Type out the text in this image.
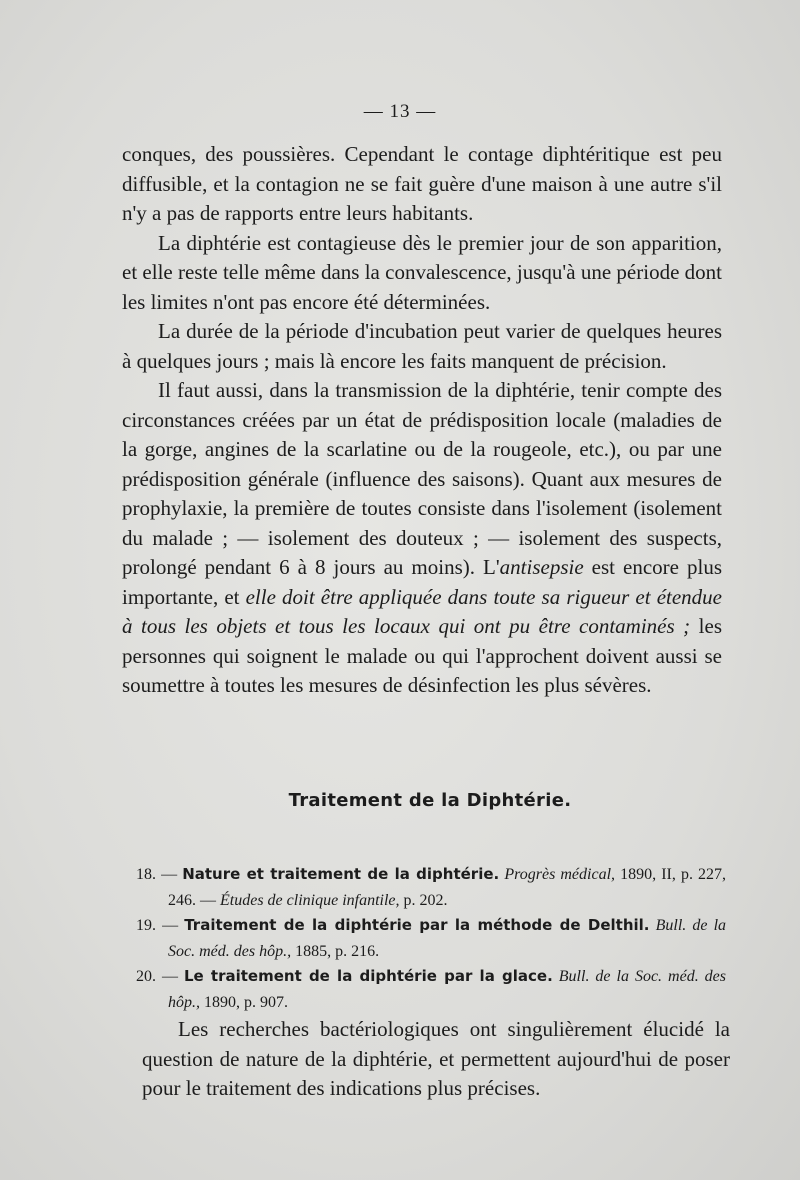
— 13 —

conques, des poussières. Cependant le contage diphtéritique est peu diffusible, et la contagion ne se fait guère d'une maison à une autre s'il n'y a pas de rapports entre leurs habitants.

La diphtérie est contagieuse dès le premier jour de son apparition, et elle reste telle même dans la convalescence, jusqu'à une période dont les limites n'ont pas encore été déterminées.

La durée de la période d'incubation peut varier de quelques heures à quelques jours ; mais là encore les faits manquent de précision.

Il faut aussi, dans la transmission de la diphtérie, tenir compte des circonstances créées par un état de prédisposition locale (maladies de la gorge, angines de la scarlatine ou de la rougeole, etc.), ou par une prédisposition générale (influence des saisons). Quant aux mesures de prophylaxie, la première de toutes consiste dans l'isolement (isolement du malade ; — isolement des douteux ; — isolement des suspects, prolongé pendant 6 à 8 jours au moins). L'antisepsie est encore plus importante, et elle doit être appliquée dans toute sa rigueur et étendue à tous les objets et tous les locaux qui ont pu être contaminés ; les personnes qui soignent le malade ou qui l'approchent doivent aussi se soumettre à toutes les mesures de désinfection les plus sévères.

Traitement de la Diphtérie.
18. — Nature et traitement de la diphtérie. Progrès médical, 1890, II, p. 227, 246. — Études de clinique infantile, p. 202.
19. — Traitement de la diphtérie par la méthode de Delthil. Bull. de la Soc. méd. des hôp., 1885, p. 216.
20. — Le traitement de la diphtérie par la glace. Bull. de la Soc. méd. des hôp., 1890, p. 907.

Les recherches bactériologiques ont singulièrement élucidé la question de nature de la diphtérie, et permettent aujourd'hui de poser pour le traitement des indications plus précises.
